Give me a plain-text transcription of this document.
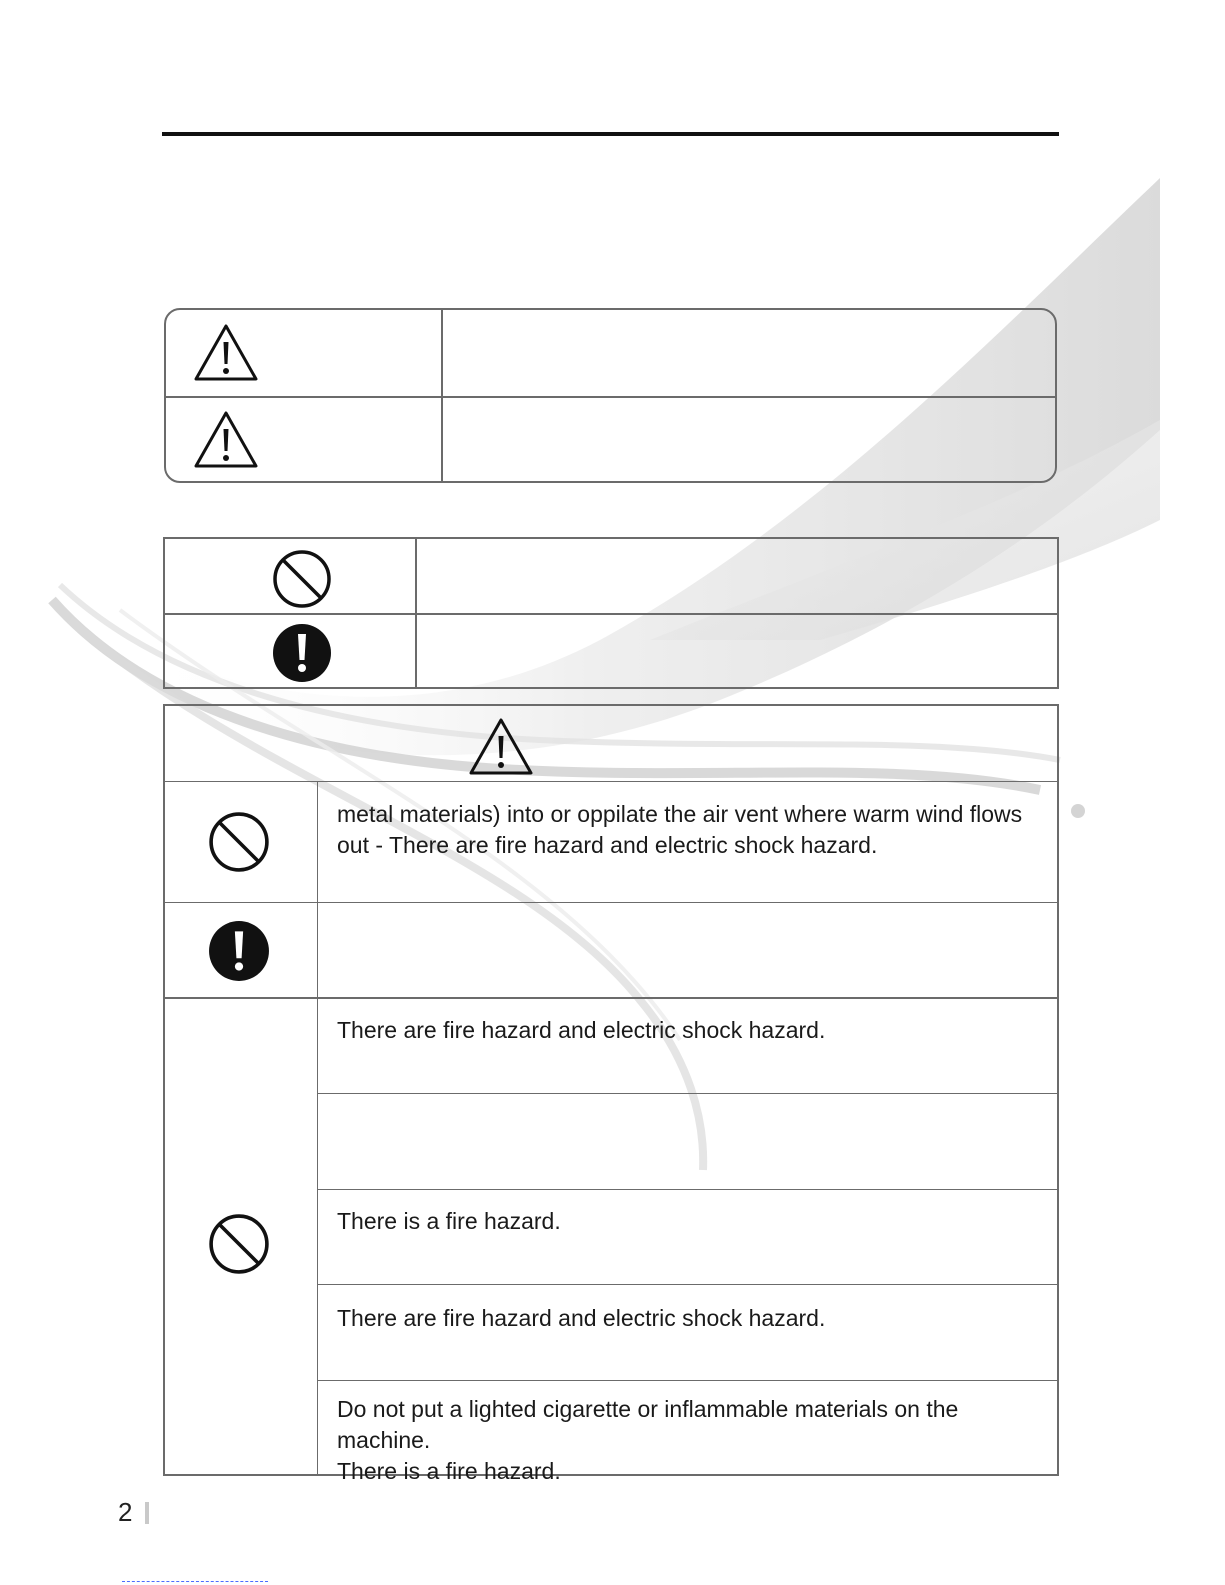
metal materials) into or oppilate the air vent where warm wind flows
out - There are fire hazard and electric shock hazard.
There are fire hazard and electric shock hazard.
There is a fire hazard.
There are fire hazard and electric shock hazard.
Do not put a lighted cigarette or inflammable materials on the machine.
There is a fire hazard.
2
